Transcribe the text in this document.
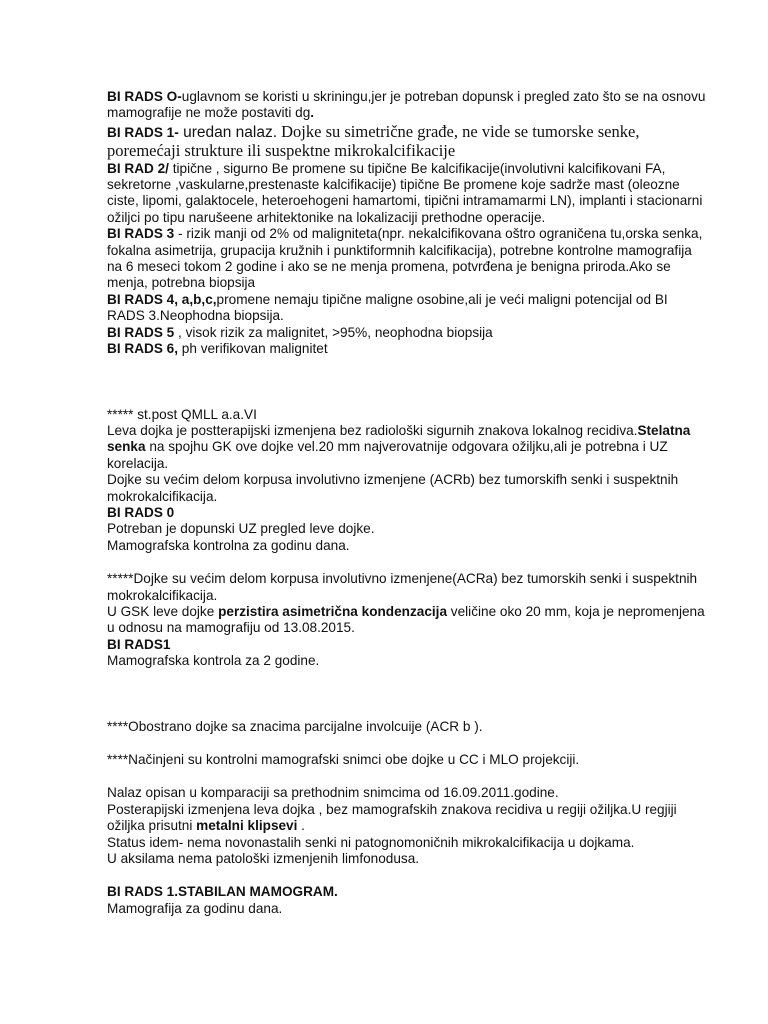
BI RADS O-uglavnom se koristi u skriningu,jer je potreban dopunsk i pregled zato što se na osnovu mamografije ne može postaviti dg.

BI RADS 1- uredan nalaz. Dojke su simetrične građe, ne vide se tumorske senke, poremećaji strukture ili suspektne mikrokalcifikacije

BI RAD 2/ tipične , sigurno Be promene su tipične Be kalcifikacije(involutivni kalcifikovani FA, sekretorne ,vaskularne,prestenaste kalcifikacije) tipične Be promene koje sadrže mast (oleozne ciste, lipomi, galaktocele, heteroehogeni hamartomi, tipični intramamarmi LN), implanti i stacionarni ožiljci po tipu narušeene arhitektonike na lokalizaciji prethodne operacije.

BI RADS 3 - rizik manji od 2% od maligniteta(npr. nekalcifikovana oštro ograničena tu,orska senka, fokalna asimetrija, grupacija kružnih i punktiformnih kalcifikacija), potrebne kontrolne mamografija na 6 meseci tokom 2 godine i ako se ne menja promena, potvrđena je benigna priroda.Ako se menja, potrebna biopsija

BI RADS 4, a,b,c,promene nemaju tipične maligne osobine,ali je veći maligni potencijal od BI RADS 3.Neophodna biopsija.

BI RADS 5 , visok rizik za malignitet, >95%, neophodna biopsija

BI RADS 6, ph verifikovan malignitet

***** st.post QMLL a.a.VI

Leva dojka je postterapijski izmenjena bez radiološki sigurnih znakova lokalnog recidiva.Stelatna senka na spojhu GK ove dojke vel.20 mm najverovatnije odgovara ožiljku,ali je potrebna i UZ korelacija.

Dojke su većim delom korpusa involutivno izmenjene (ACRb) bez tumorskifh senki i suspektnih mokrokalcifikacija.

BI RADS 0

Potreban je dopunski UZ pregled leve dojke.

Mamografska kontrolna za godinu dana.

*****Dojke su većim delom korpusa involutivno izmenjene(ACRa) bez tumorskih senki i suspektnih mokrokalcifikacija.

U GSK leve dojke perzistira asimetrična kondenzacija veličine oko 20 mm, koja je nepromenjena u odnosu na mamografiju od 13.08.2015.

BI RADS1

Mamografska kontrola za 2 godine.

****Obostrano dojke sa znacima parcijalne involcuije (ACR b ).

****Načinjeni su kontrolni mamografski snimci obe dojke u CC i MLO projekciji.

Nalaz opisan u komparaciji sa prethodnim snimcima od 16.09.2011.godine.

Posterapijski izmenjena leva dojka , bez mamografskih znakova recidiva u regiji ožiljka.U regjiji ožiljka prisutni metalni klipsevi .

Status idem- nema novonastalih senki ni patognomoničnih mikrokalcifikacija u dojkama.

U aksilama nema patološki izmenjenih limfonodusa.

BI RADS 1.STABILAN MAMOGRAM.

Mamografija za godinu dana.
